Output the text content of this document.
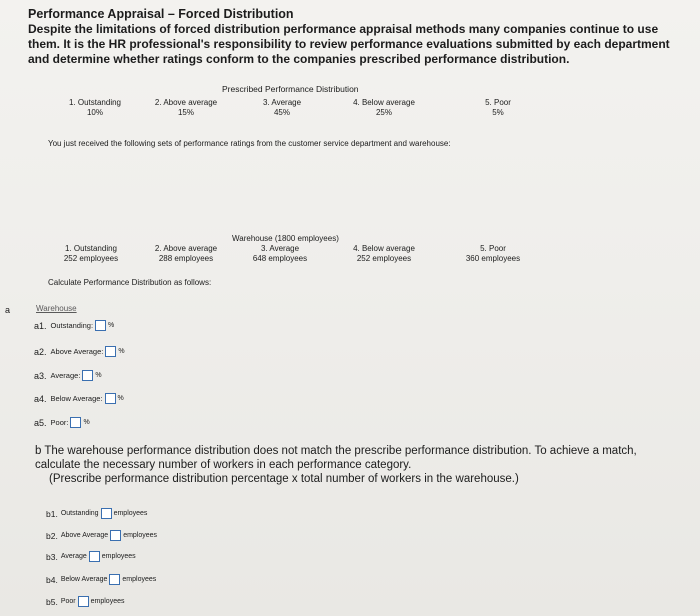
Performance Appraisal – Forced Distribution
Despite the limitations of forced distribution performance appraisal methods many companies continue to use them. It is the HR professional's responsibility to review performance evaluations submitted by each department and determine whether ratings conform to the companies prescribed performance distribution.
Prescribed Performance Distribution
1. Outstanding
10%
2. Above average
15%
3. Average
45%
4. Below average
25%
5. Poor
5%
You just received the following sets of performance ratings from the customer service department and warehouse:
Warehouse (1800 employees)
1. Outstanding
252 employees
2. Above average
288 employees
3. Average
648 employees
4. Below average
252 employees
5. Poor
360 employees
Calculate Performance Distribution as follows:
a	Warehouse
a1. Outstanding: %
a2. Above Average: %
a3. Average: %
a4. Below Average: %
a5. Poor: %
b The warehouse performance distribution does not match the prescribe performance distribution. To achieve a match, calculate the necessary number of workers in each performance category.
(Prescribe performance distribution percentage x total number of workers in the warehouse.)
b1. Outstanding employees
b2. Above Average employees
b3. Average employees
b4. Below Average employees
b5. Poor employees
